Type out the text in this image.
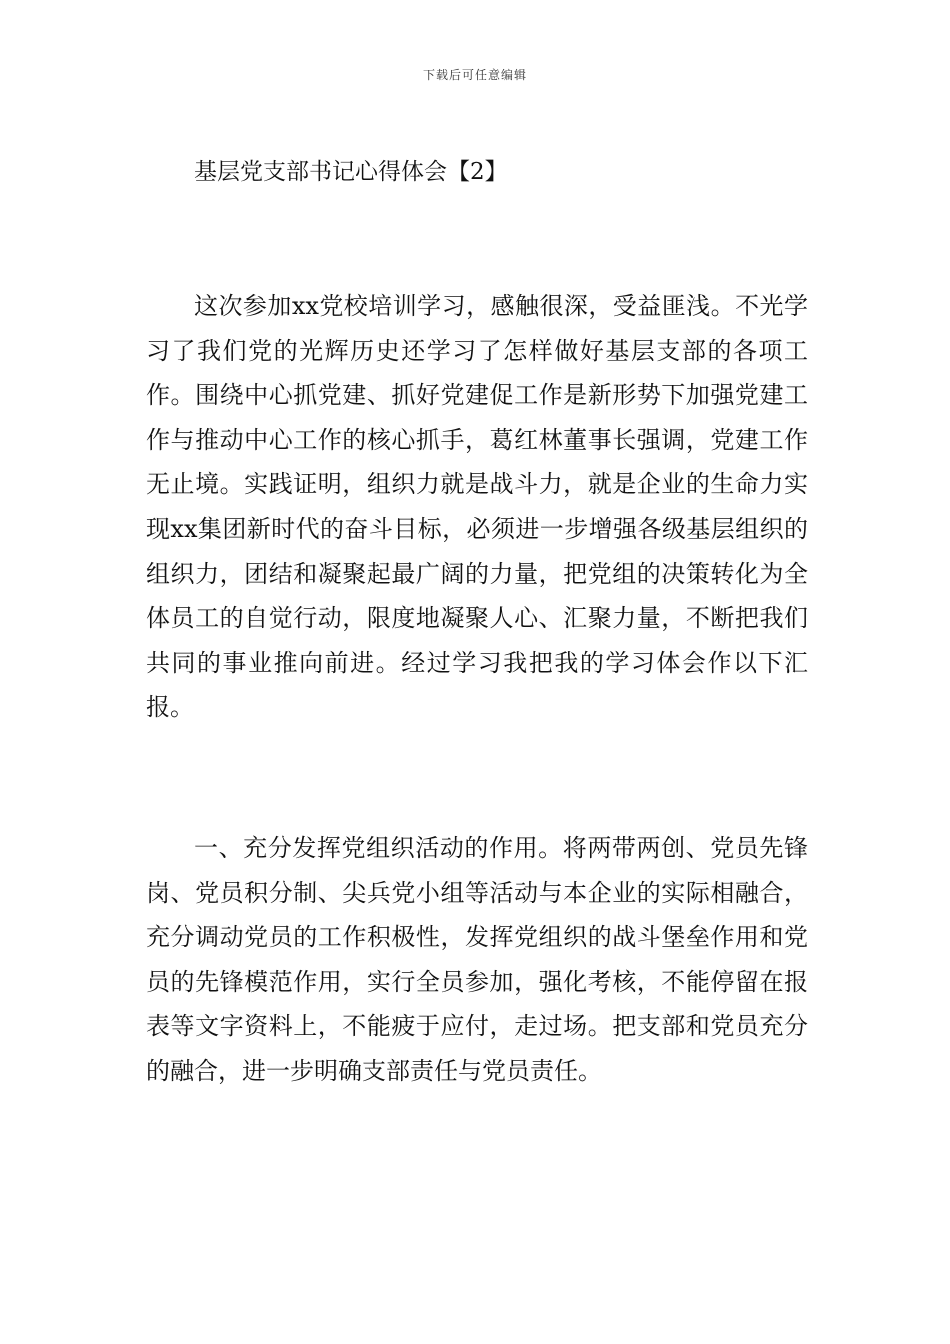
下载后可任意编辑
基层党支部书记心得体会【2】

这次参加xx党校培训学习，感触很深，受益匪浅。不光学习了我们党的光辉历史还学习了怎样做好基层支部的各项工作。围绕中心抓党建、抓好党建促工作是新形势下加强党建工作与推动中心工作的核心抓手，葛红林董事长强调，党建工作无止境。实践证明，组织力就是战斗力，就是企业的生命力实现xx集团新时代的奋斗目标，必须进一步增强各级基层组织的组织力，团结和凝聚起最广阔的力量，把党组的决策转化为全体员工的自觉行动，限度地凝聚人心、汇聚力量，不断把我们共同的事业推向前进。经过学习我把我的学习体会作以下汇报。

一、充分发挥党组织活动的作用。将两带两创、党员先锋岗、党员积分制、尖兵党小组等活动与本企业的实际相融合，充分调动党员的工作积极性，发挥党组织的战斗堡垒作用和党员的先锋模范作用，实行全员参加，强化考核，不能停留在报表等文字资料上，不能疲于应付，走过场。把支部和党员充分的融合，进一步明确支部责任与党员责任。
